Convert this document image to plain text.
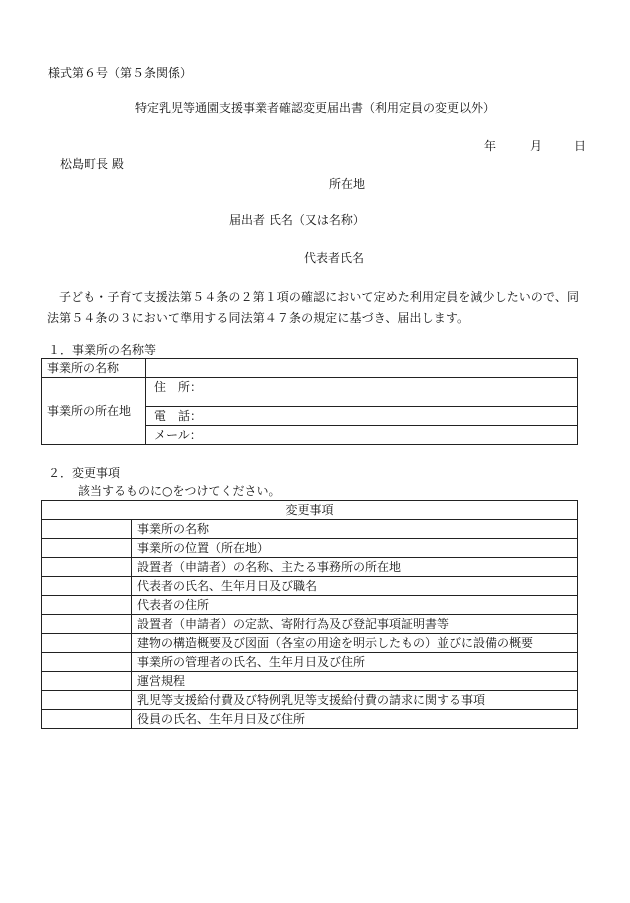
様式第６号（第５条関係）
特定乳児等通園支援事業者確認変更届出書（利用定員の変更以外）
年	月	日
松島町長 殿
所在地
届出者 氏名（又は名称）
代表者氏名
子ども・子育て支援法第５４条の２第１項の確認において定めた利用定員を減少したいので、同法第５４条の３において準用する同法第４７条の規定に基づき、届出します。
１．事業所の名称等
事業所の名称	
事業所の所在地	住　所：
	電　話：
	メール：
２．変更事項
該当するものに○をつけてください。
変更事項	
	事業所の名称
	事業所の位置（所在地）
	設置者（申請者）の名称、主たる事務所の所在地
	代表者の氏名、生年月日及び職名
	代表者の住所
	設置者（申請者）の定款、寄附行為及び登記事項証明書等
	建物の構造概要及び図面（各室の用途を明示したもの）並びに設備の概要
	事業所の管理者の氏名、生年月日及び住所
	運営規程
	乳児等支援給付費及び特例乳児等支援給付費の請求に関する事項
	役員の氏名、生年月日及び住所
